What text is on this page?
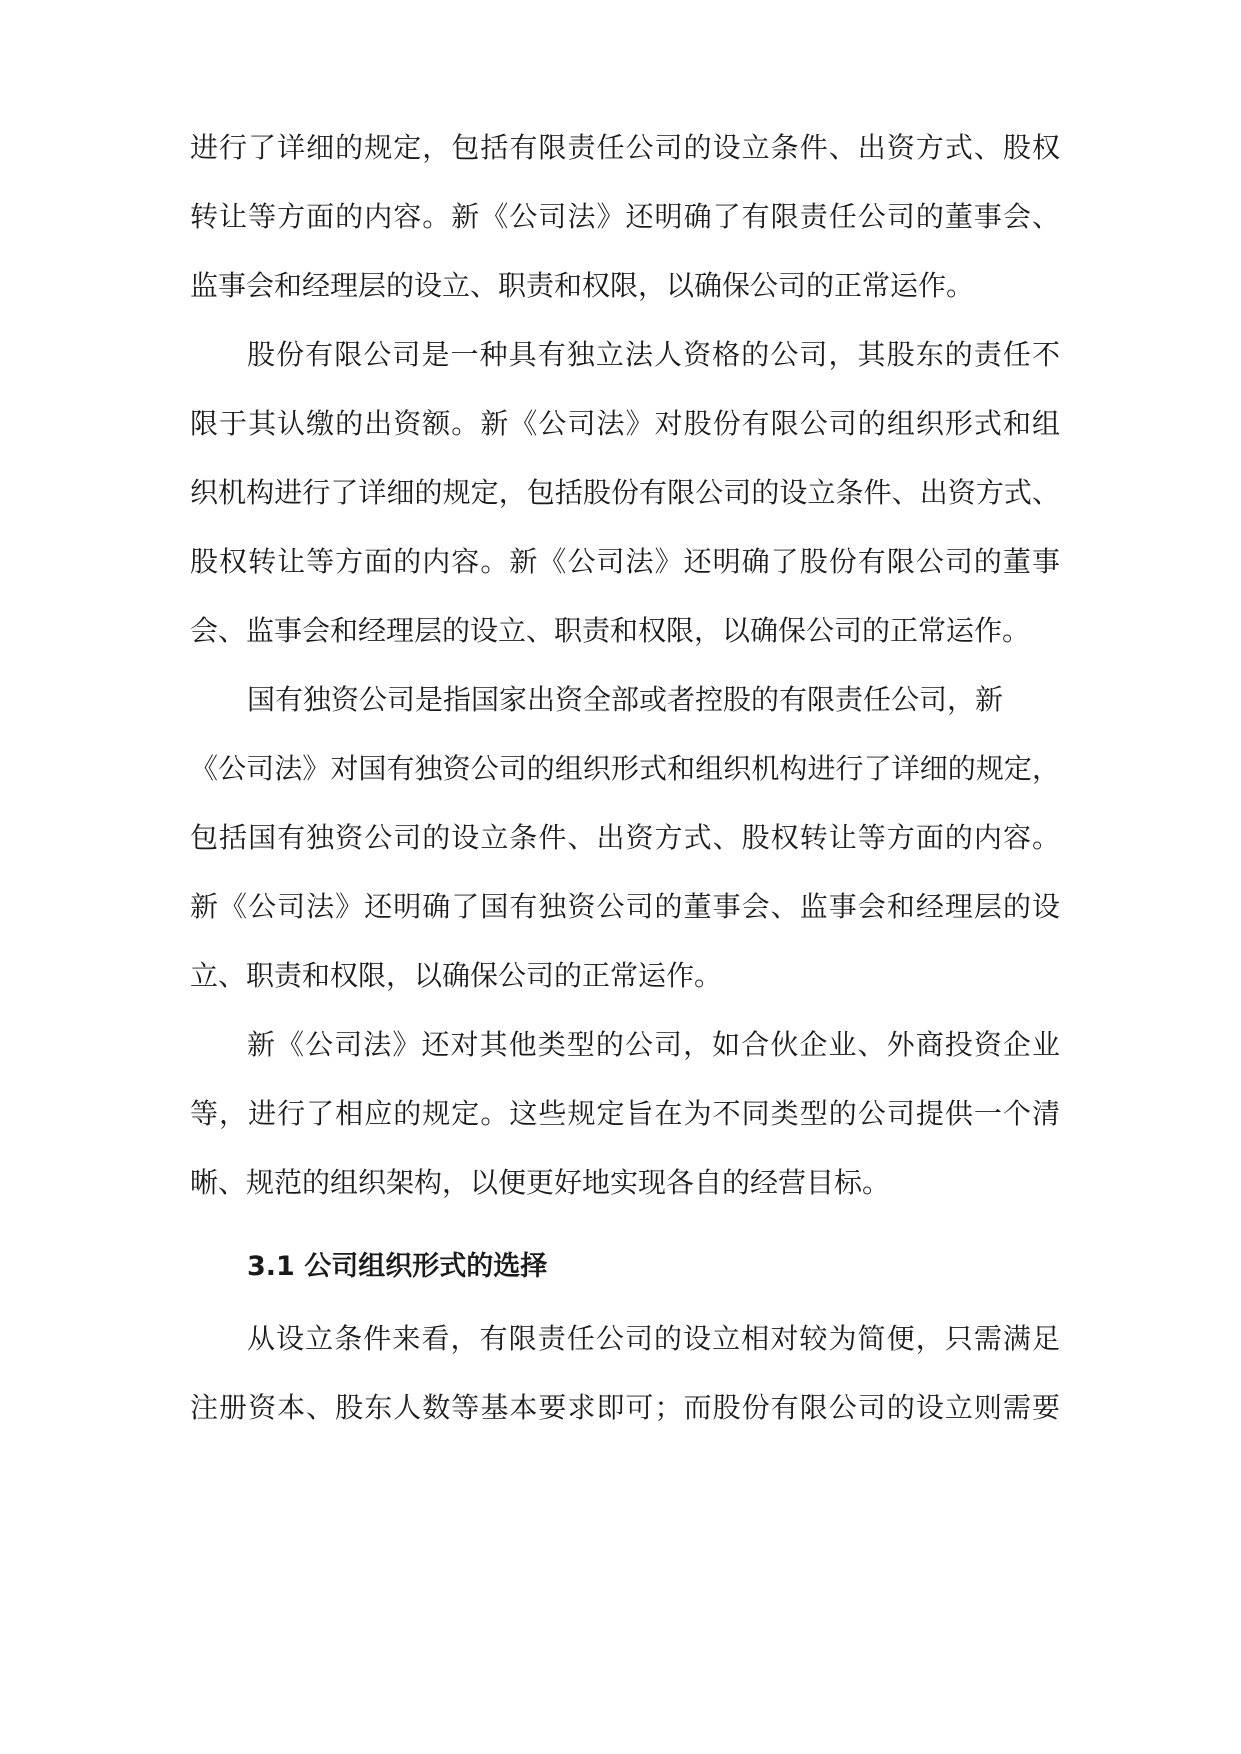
进行了详细的规定，包括有限责任公司的设立条件、出资方式、股权
转让等方面的内容。新《公司法》还明确了有限责任公司的董事会、
监事会和经理层的设立、职责和权限，以确保公司的正常运作。
股份有限公司是一种具有独立法人资格的公司，其股东的责任不
限于其认缴的出资额。新《公司法》对股份有限公司的组织形式和组
织机构进行了详细的规定，包括股份有限公司的设立条件、出资方式、
股权转让等方面的内容。新《公司法》还明确了股份有限公司的董事
会、监事会和经理层的设立、职责和权限，以确保公司的正常运作。
国有独资公司是指国家出资全部或者控股的有限责任公司，新
《公司法》对国有独资公司的组织形式和组织机构进行了详细的规定，
包括国有独资公司的设立条件、出资方式、股权转让等方面的内容。
新《公司法》还明确了国有独资公司的董事会、监事会和经理层的设
立、职责和权限，以确保公司的正常运作。
新《公司法》还对其他类型的公司，如合伙企业、外商投资企业
等，进行了相应的规定。这些规定旨在为不同类型的公司提供一个清
晰、规范的组织架构，以便更好地实现各自的经营目标。
3.1 公司组织形式的选择
从设立条件来看，有限责任公司的设立相对较为简便，只需满足
注册资本、股东人数等基本要求即可；而股份有限公司的设立则需要
